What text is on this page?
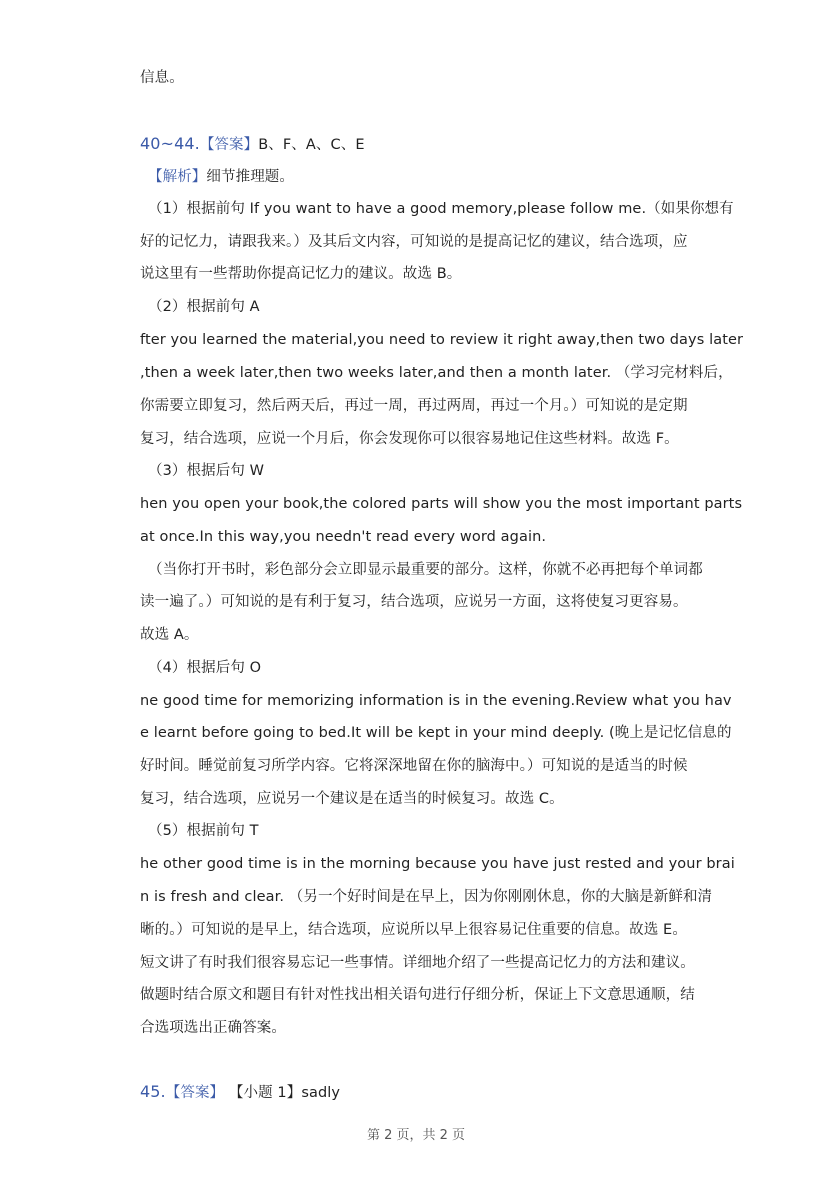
信息。
40~44.【答案】B、F、A、C、E
【解析】细节推理题。
（1）根据前句 If you want to have a good memory,please follow me.（如果你想有
好的记忆力，请跟我来。）及其后文内容，可知说的是提高记忆的建议，结合选项，应
说这里有一些帮助你提高记忆力的建议。故选 B。
（2）根据前句 A
fter you learned the material,you need to review it right away,then two days later
,then a week later,then two weeks later,and then a month later. （学习完材料后，
你需要立即复习，然后两天后，再过一周，再过两周，再过一个月。）可知说的是定期
复习，结合选项，应说一个月后，你会发现你可以很容易地记住这些材料。故选 F。
（3）根据后句 W
hen you open your book,the colored parts will show you the most important parts
at once.In this way,you needn't read every word again.
（当你打开书时，彩色部分会立即显示最重要的部分。这样，你就不必再把每个单词都
读一遍了。）可知说的是有利于复习，结合选项，应说另一方面，这将使复习更容易。
故选 A。
（4）根据后句 O
ne good time for memorizing information is in the evening.Review what you hav
e learnt before going to bed.It will be kept in your mind deeply. (晚上是记忆信息的
好时间。睡觉前复习所学内容。它将深深地留在你的脑海中。）可知说的是适当的时候
复习，结合选项，应说另一个建议是在适当的时候复习。故选 C。
（5）根据前句 T
he other good time is in the morning because you have just rested and your brai
n is fresh and clear. （另一个好时间是在早上，因为你刚刚休息，你的大脑是新鲜和清
晰的。）可知说的是早上，结合选项，应说所以早上很容易记住重要的信息。故选 E。
短文讲了有时我们很容易忘记一些事情。详细地介绍了一些提高记忆力的方法和建议。
做题时结合原文和题目有针对性找出相关语句进行仔细分析，保证上下文意思通顺，结
合选项选出正确答案。
45.【答案】 【小题 1】sadly
第 2 页，共 2 页
